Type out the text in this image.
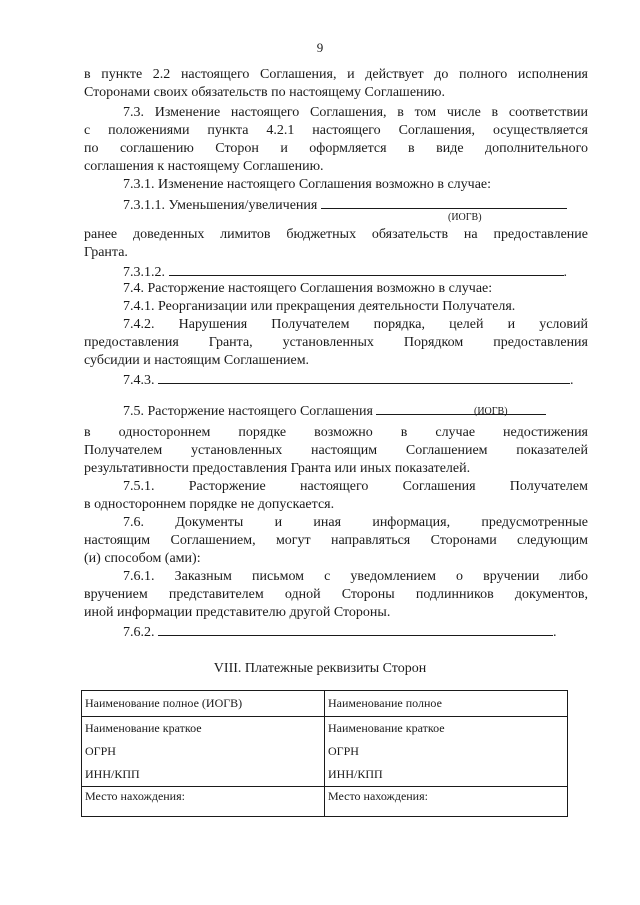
9
в пункте 2.2 настоящего Соглашения, и действует до полного исполнения
Сторонами своих обязательств по настоящему Соглашению.
7.3. Изменение настоящего Соглашения, в том числе в соответствии
с положениями пункта 4.2.1 настоящего Соглашения, осуществляется
по соглашению Сторон и оформляется в виде дополнительного
соглашения к настоящему Соглашению.
7.3.1. Изменение настоящего Соглашения возможно в случае:
7.3.1.1. Уменьшения/увеличения
(ИОГВ)
ранее доведенных лимитов бюджетных обязательств на предоставление
Гранта.
7.3.1.2.	.
7.4. Расторжение настоящего Соглашения возможно в случае:
7.4.1. Реорганизации или прекращения деятельности Получателя.
7.4.2. Нарушения Получателем порядка, целей и условий
предоставления Гранта, установленных Порядком предоставления
субсидии и настоящим Соглашением.
7.4.3.	.
7.5. Расторжение настоящего Соглашения	(ИОГВ)
в одностороннем порядке возможно в случае недостижения
Получателем установленных настоящим Соглашением показателей
результативности предоставления Гранта или иных показателей.
7.5.1. Расторжение настоящего Соглашения Получателем
в одностороннем порядке не допускается.
7.6. Документы и иная информация, предусмотренные
настоящим Соглашением, могут направляться Сторонами следующим
(и) способом (ами):
7.6.1. Заказным письмом с уведомлением о вручении либо
вручением представителем одной Стороны подлинников документов,
иной информации представителю другой Стороны.
7.6.2.	.
VIII. Платежные реквизиты Сторон
Наименование полное (ИОГВ)	Наименование полное
Наименование краткое	Наименование краткое
ОГРН	ОГРН
ИНН/КПП	ИНН/КПП
Место нахождения:	Место нахождения:
